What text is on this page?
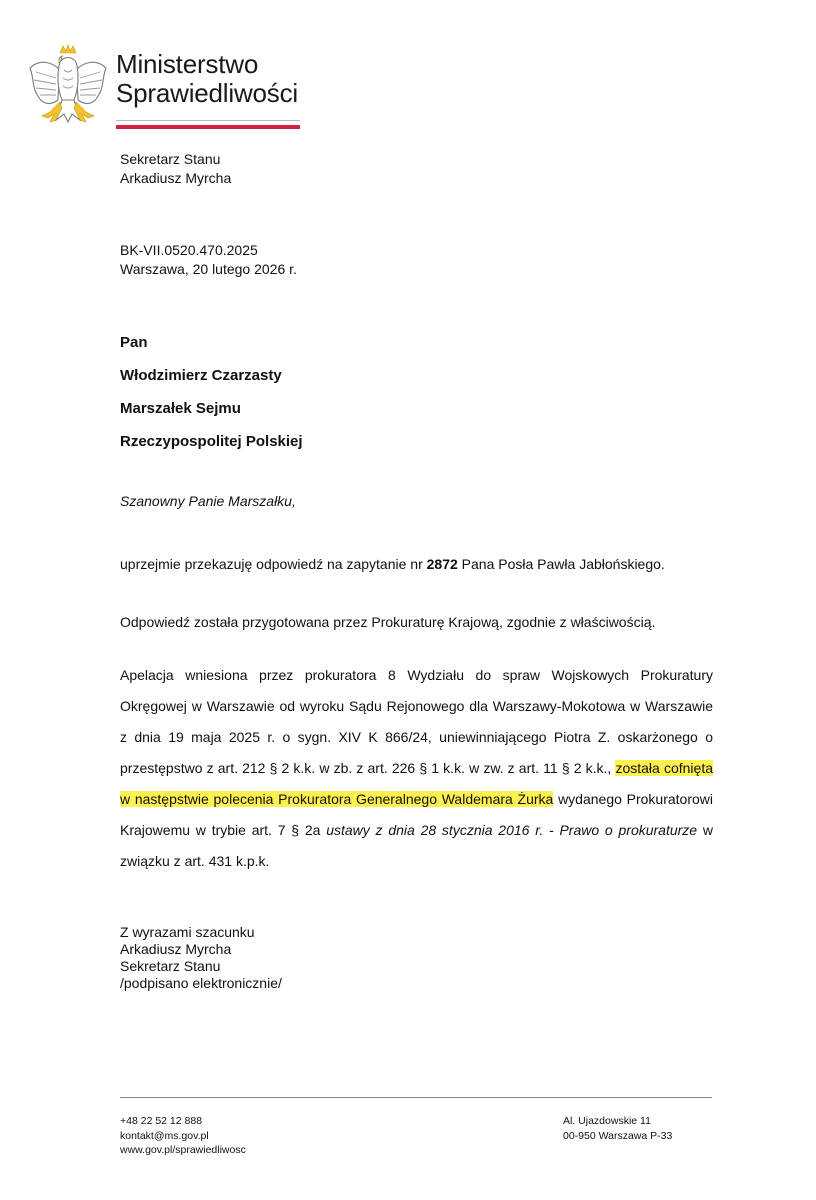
Ministerstwo
Sprawiedliwości
Sekretarz Stanu
Arkadiusz Myrcha
BK-VII.0520.470.2025
Warszawa, 20 lutego 2026 r.
Pan
Włodzimierz Czarzasty
Marszałek Sejmu
Rzeczypospolitej Polskiej
Szanowny Panie Marszałku,
uprzejmie przekazuję odpowiedź na zapytanie nr 2872 Pana Posła Pawła Jabłońskiego.
Odpowiedź została przygotowana przez Prokuraturę Krajową, zgodnie z właściwością.
Apelacja wniesiona przez prokuratora 8 Wydziału do spraw Wojskowych Prokuratury Okręgowej w Warszawie od wyroku Sądu Rejonowego dla Warszawy-Mokotowa w Warszawie z dnia 19 maja 2025 r. o sygn. XIV K 866/24, uniewinniającego Piotra Z. oskarżonego o przestępstwo z art. 212 § 2 k.k. w zb. z art. 226 § 1 k.k. w zw. z art. 11 § 2 k.k., została cofnięta w następstwie polecenia Prokuratora Generalnego Waldemara Żurka wydanego Prokuratorowi Krajowemu w trybie art. 7 § 2a ustawy z dnia 28 stycznia 2016 r. - Prawo o prokuraturze w związku z art. 431 k.p.k.
Z wyrazami szacunku
Arkadiusz Myrcha
Sekretarz Stanu
/podpisano elektronicznie/
+48 22 52 12 888
kontakt@ms.gov.pl
www.gov.pl/sprawiedliwosc
Al. Ujazdowskie 11
00-950 Warszawa P-33
